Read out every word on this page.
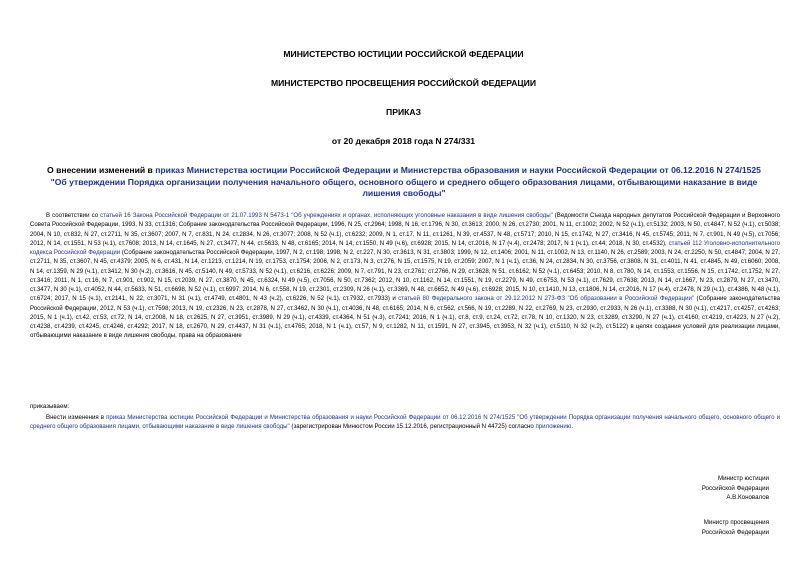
МИНИСТЕРСТВО ЮСТИЦИИ РОССИЙСКОЙ ФЕДЕРАЦИИ

МИНИСТЕРСТВО ПРОСВЕЩЕНИЯ РОССИЙСКОЙ ФЕДЕРАЦИИ

ПРИКАЗ

от 20 декабря 2018 года N 274/331

О внесении изменений в приказ Министерства юстиции Российской Федерации и Министерства образования и науки Российской Федерации от 06.12.2016 N 274/1525 "Об утверждении Порядка организации получения начального общего, основного общего и среднего общего образования лицами, отбывающими наказание в виде лишения свободы"

В соответствии со статьей 16 Закона Российской Федерации от 21.07.1993 N 5473-1 "Об учреждениях и органах, исполняющих уголовные наказания в виде лишения свободы" (Ведомости Съезда народных депутатов Российской Федерации и Верховного Совета Российской Федерации, 1993, N 33, ст.1316; Собрание законодательства Российской Федерации, 1996, N 25, ст.2964; 1998, N 16, ст.1796, N 30, ст.3613; 2000, N 26, ст.2730; 2001, N 11, ст.1002; 2002, N 52 (ч.1), ст.5132; 2003, N 50, ст.4847, N 52 (ч.1), ст.5038; 2004, N 10, ст.832, N 27, ст.2711, N 35, ст.3607; 2007, N 7, ст.831, N 24, ст.2834, N 26, ст.3077; 2008, N 52 (ч.1), ст.6232; 2009, N 1, ст.17, N 11, ст.1261, N 39, ст.4537, N 48, ст.5717; 2010, N 15, ст.1742, N 27, ст.3416, N 45, ст.5745; 2011, N 7, ст.901, N 49 (ч.5), ст.7056; 2012, N 14, ст.1551, N 53 (ч.1), ст.7608; 2013, N 14, ст.1645, N 27, ст.3477, N 44, ст.5633, N 48, ст.6165; 2014, N 14, ст.1550, N 49 (ч.6), ст.6928; 2015, N 14, ст.2016, N 17 (ч.4), ст.2478; 2017, N 1 (ч.1), ст.44; 2018, N 30, ст.4532), статьей 112 Уголовно-исполнительного кодекса Российской Федерации (Собрание законодательства Российской Федерации, 1997, N 2, ст.198; 1998, N 2, ст.227, N 30, ст.3613, N 31, ст.3803; 1999, N 12, ст.1406; 2001, N 11, ст.1002, N 13, ст.1140, N 26, ст.2589; 2003, N 24, ст.2250, N 50, ст.4847; 2004, N 27, ст.2711, N 35, ст.3607, N 45, ст.4379; 2005, N 6, ст.431, N 14, ст.1213, ст.1214, N 19, ст.1753, ст.1754; 2006, N 2, ст.173, N 3, ст.276, N 15, ст.1575, N 19, ст.2059; 2007, N 1 (ч.1), ст.36, N 24, ст.2834, N 30, ст.3756, ст.3808, N 31, ст.4011, N 41, ст.4845, N 49, ст.6060; 2008, N 14, ст.1359, N 29 (ч.1), ст.3412, N 30 (ч.2), ст.3616, N 45, ст.5140, N 49, ст.5733, N 52 (ч.1), ст.6216, ст.6226; 2009, N 7, ст.791, N 23, ст.2761; ст.2766, N 29, ст.3628, N 51, ст.6162, N 52 (ч.1), ст.6453; 2010, N 8, ст.780, N 14, ст.1553, ст.1556, N 15, ст.1742, ст.1752, N 27, ст.3416; 2011, N 1, ст.16, N 7, ст.901, ст.902, N 15, ст.2039, N 27, ст.3870, N 45, ст.6324, N 49 (ч.5), ст.7056, N 50, ст.7362; 2012, N 10, ст.1162, N 14, ст.1551, N 19, ст.2279, N 49, ст.6753, N 53 (ч.1), ст.7629, ст.7638; 2013, N 14, ст.1667, N 23, ст.2879, N 27, ст.3470, ст.3477, N 30 (ч.1), ст.4052, N 44, ст.5633, N 51, ст.6698, N 52 (ч.1), ст.6997; 2014, N 6, ст.558, N 19, ст.2301, ст.2309, N 26 (ч.1), ст.3369, N 48, ст.6652, N 49 (ч.6), ст.6928; 2015, N 10, ст.1410, N 13, ст.1806, N 14, ст.2016, N 17 (ч.4), ст.2478, N 29 (ч.1), ст.4386, N 48 (ч.1), ст.6724; 2017, N 15 (ч.1), ст.2141, N 22, ст.3071, N 31 (ч.1), ст.4749, ст.4801, N 43 (ч.2), ст.6226, N 52 (ч.1), ст.7932, ст.7933) и статьей 80 Федерального закона от 29.12.2012 N 273-ФЗ "Об образовании в Российской Федерации" (Собрание законодательства Российской Федерации, 2012, N 53 (ч.1), ст.7598; 2013, N 19, ст.2326, N 23, ст.2878, N 27, ст.3462, N 30 (ч.1), ст.4036, N 48, ст.6165; 2014, N 6, ст.562, ст.566, N 19, ст.2289, N 22, ст.2769, N 23, ст.2930, ст.2933, N 26 (ч.1), ст.3388, N 30 (ч.1), ст.4217, ст.4257, ст.4263; 2015, N 1 (ч.1), ст.42, ст.53, ст.72, N 14, ст.2008, N 18, ст.2625, N 27, ст.3951, ст.3989, N 29 (ч.1), ст.4339, ст.4364, N 51 (ч.3), ст.7241; 2016, N 1 (ч.1), ст.8, ст.9, ст.24, ст.72, ст.78, N 10, ст.1320, N 23, ст.3289, ст.3290, N 27 (ч.1), ст.4160, ст.4219, ст.4223, N 27 (ч.2), ст.4238, ст.4239, ст.4245, ст.4246, ст.4292; 2017, N 18, ст.2670, N 29, ст.4437, N 31 (ч.1), ст.4765; 2018, N 1 (ч.1), ст.57, N 9, ст.1282, N 11, ст.1591, N 27, ст.3945, ст.3953, N 32 (ч.1), ст.5110, N 32 (ч.2), ст.5122) в целях создания условий для реализации лицами, отбывающими наказание в виде лишения свободы, права на образование

приказываем:

Внести изменения в приказ Министерства юстиции Российской Федерации и Министерства образования и науки Российской Федерации от 06.12.2016 N 274/1525 "Об утверждении Порядка организации получения начального общего, основного общего и среднего общего образования лицами, отбывающими наказание в виде лишения свободы" (зарегистрирован Минюстом России 15.12.2016, регистрационный N 44725) согласно приложению.

Министр юстиции
Российской Федерации
А.В.Коновалов
Министр просвещения
Российской Федерации
